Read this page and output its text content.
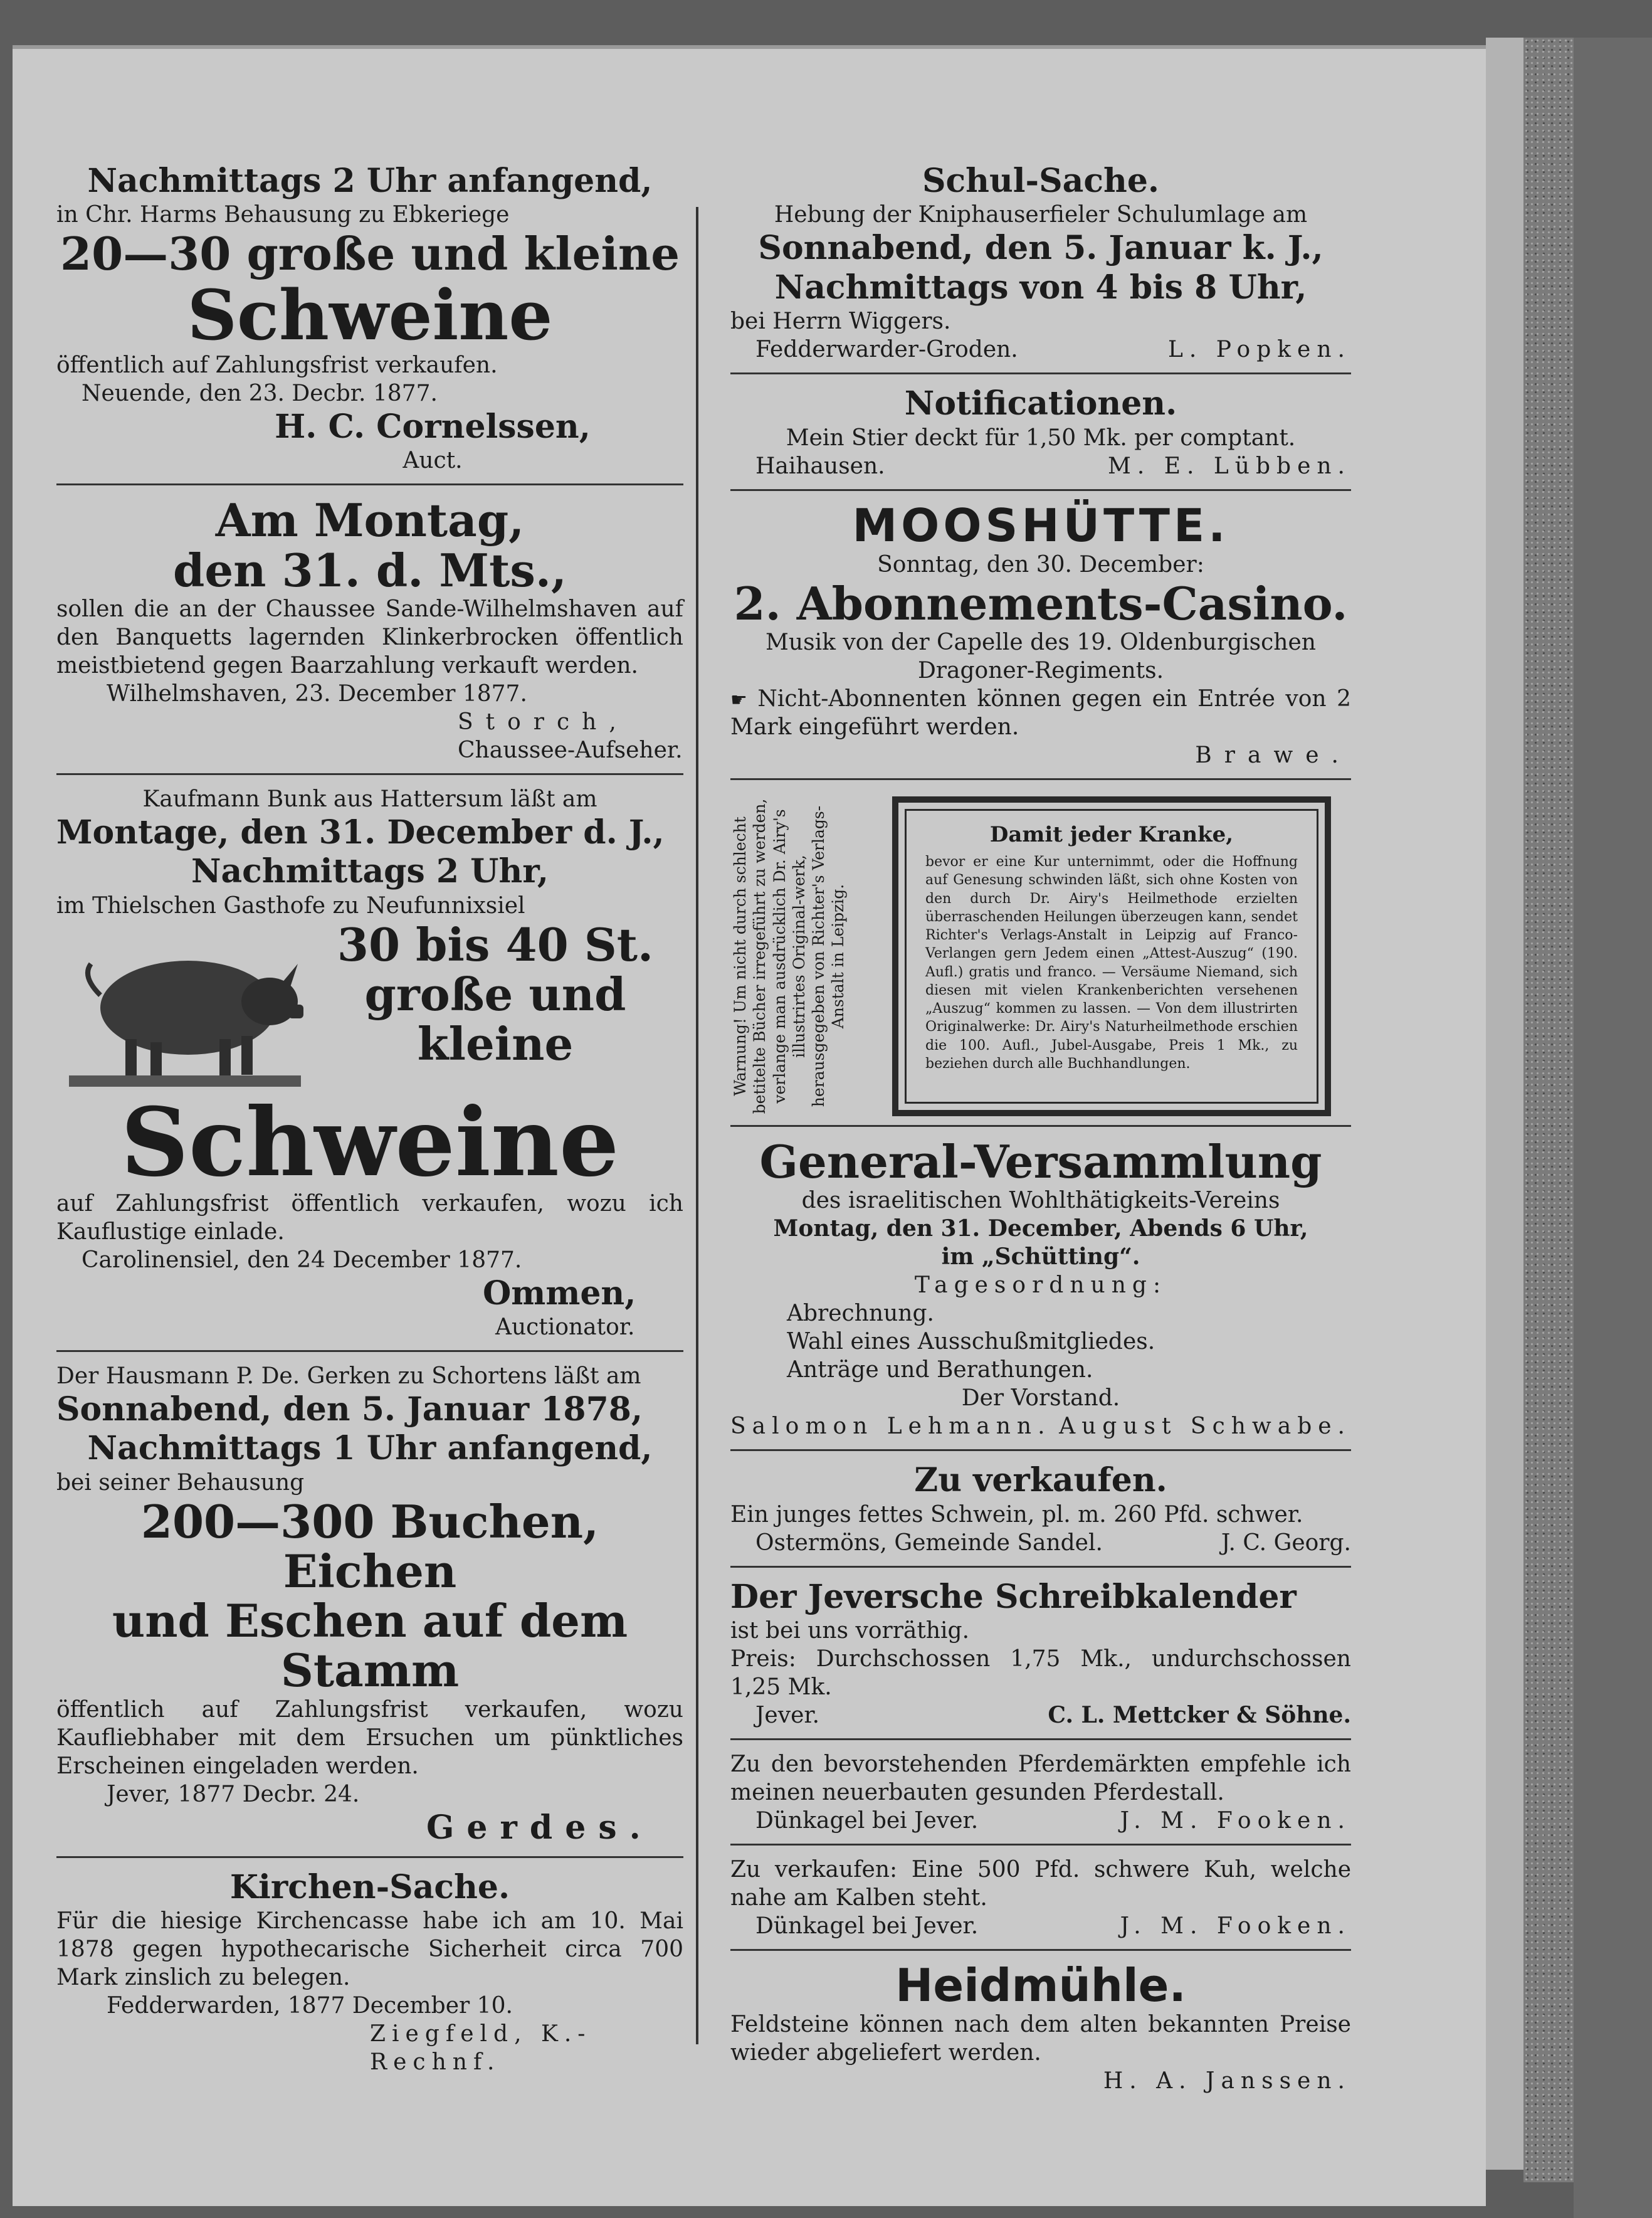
Nachmittags 2 Uhr anfangend,
in Chr. Harms Behausung zu Ebkeriege
20—30 große und kleine
Schweine
öffentlich auf Zahlungsfrist verkaufen.
Neuende, den 23. Decbr. 1877.
H. C. Cornelssen,
Auct.
Am Montag,
den 31. d. Mts.,
sollen die an der Chaussee Sande-Wilhelmshaven auf den Banquetts lagernden Klinkerbrocken öffentlich meistbietend gegen Baarzahlung verkauft werden.
Wilhelmshaven, 23. December 1877.
Storch,
Chaussee-Aufseher.
Kaufmann Bunk aus Hattersum läßt am
Montage, den 31. December d. J.,
Nachmittags 2 Uhr,
im Thielschen Gasthofe zu Neufunnixsiel
30 bis 40 St.
große und
kleine
Schweine
auf Zahlungsfrist öffentlich verkaufen, wozu ich Kauflustige einlade.
Carolinensiel, den 24 December 1877.
Ommen,
Auctionator.
Der Hausmann P. De. Gerken zu Schortens läßt am
Sonnabend, den 5. Januar 1878,
Nachmittags 1 Uhr anfangend,
bei seiner Behausung
200—300 Buchen, Eichen
und Eschen auf dem
Stamm
öffentlich auf Zahlungsfrist verkaufen, wozu Kaufliebhaber mit dem Ersuchen um pünktliches Erscheinen eingeladen werden.
Jever, 1877 Decbr. 24.
Gerdes.
Kirchen-Sache.
Für die hiesige Kirchencasse habe ich am 10. Mai 1878 gegen hypothecarische Sicherheit circa 700 Mark zinslich zu belegen.
Fedderwarden, 1877 December 10.
Ziegfeld, K.-Rechnf.
Schul-Sache.
Hebung der Kniphauserfieler Schulumlage am
Sonnabend, den 5. Januar k. J.,
Nachmittags von 4 bis 8 Uhr,
bei Herrn Wiggers.
Fedderwarder-Groden.	L. Popken.
Notificationen.
Mein Stier deckt für 1,50 Mk. per comptant.
Haihausen.	M. E. Lübben.
MOOSHÜTTE.
Sonntag, den 30. December:
2. Abonnements-Casino.
Musik von der Capelle des 19. Oldenburgischen Dragoner-Regiments.
☛ Nicht-Abonnenten können gegen ein Entrée von 2 Mark eingeführt werden.
Brawe.
Warnung! Um nicht durch schlecht betitelte Bücher irregeführt zu werden, verlange man ausdrücklich Dr. Airy's illustrirtes Original-werk, herausgegeben von Richter's Verlags-Anstalt in Leipzig.
Damit jeder Kranke,
bevor er eine Kur unternimmt, oder die Hoffnung auf Genesung schwinden läßt, sich ohne Kosten von den durch Dr. Airy's Heilmethode erzielten überraschenden Heilungen überzeugen kann, sendet Richter's Verlags-Anstalt in Leipzig auf Franco-Verlangen gern Jedem einen „Attest-Auszug“ (190. Aufl.) gratis und franco. — Versäume Niemand, sich diesen mit vielen Krankenberichten versehenen „Auszug“ kommen zu lassen. — Von dem illustrirten Originalwerke: Dr. Airy's Naturheilmethode erschien die 100. Aufl., Jubel-Ausgabe, Preis 1 Mk., zu beziehen durch alle Buchhandlungen.
General-Versammlung
des israelitischen Wohlthätigkeits-Vereins
Montag, den 31. December, Abends 6 Uhr,
im „Schütting“.
Tagesordnung:
Abrechnung.
Wahl eines Ausschußmitgliedes.
Anträge und Berathungen.
Der Vorstand.
Salomon Lehmann. August Schwabe.
Zu verkaufen.
Ein junges fettes Schwein, pl. m. 260 Pfd. schwer.
Ostermöns, Gemeinde Sandel.	J. C. Georg.
Der Jeversche Schreibkalender
ist bei uns vorräthig.
Preis: Durchschossen 1,75 Mk., undurchschossen 1,25 Mk.
Jever.	C. L. Mettcker & Söhne.
Zu den bevorstehenden Pferdemärkten empfehle ich meinen neuerbauten gesunden Pferdestall.
Dünkagel bei Jever.	J. M. Fooken.
Zu verkaufen: Eine 500 Pfd. schwere Kuh, welche nahe am Kalben steht.
Dünkagel bei Jever.	J. M. Fooken.
Heidmühle.
Feldsteine können nach dem alten bekannten Preise wieder abgeliefert werden.
H. A. Janssen.
